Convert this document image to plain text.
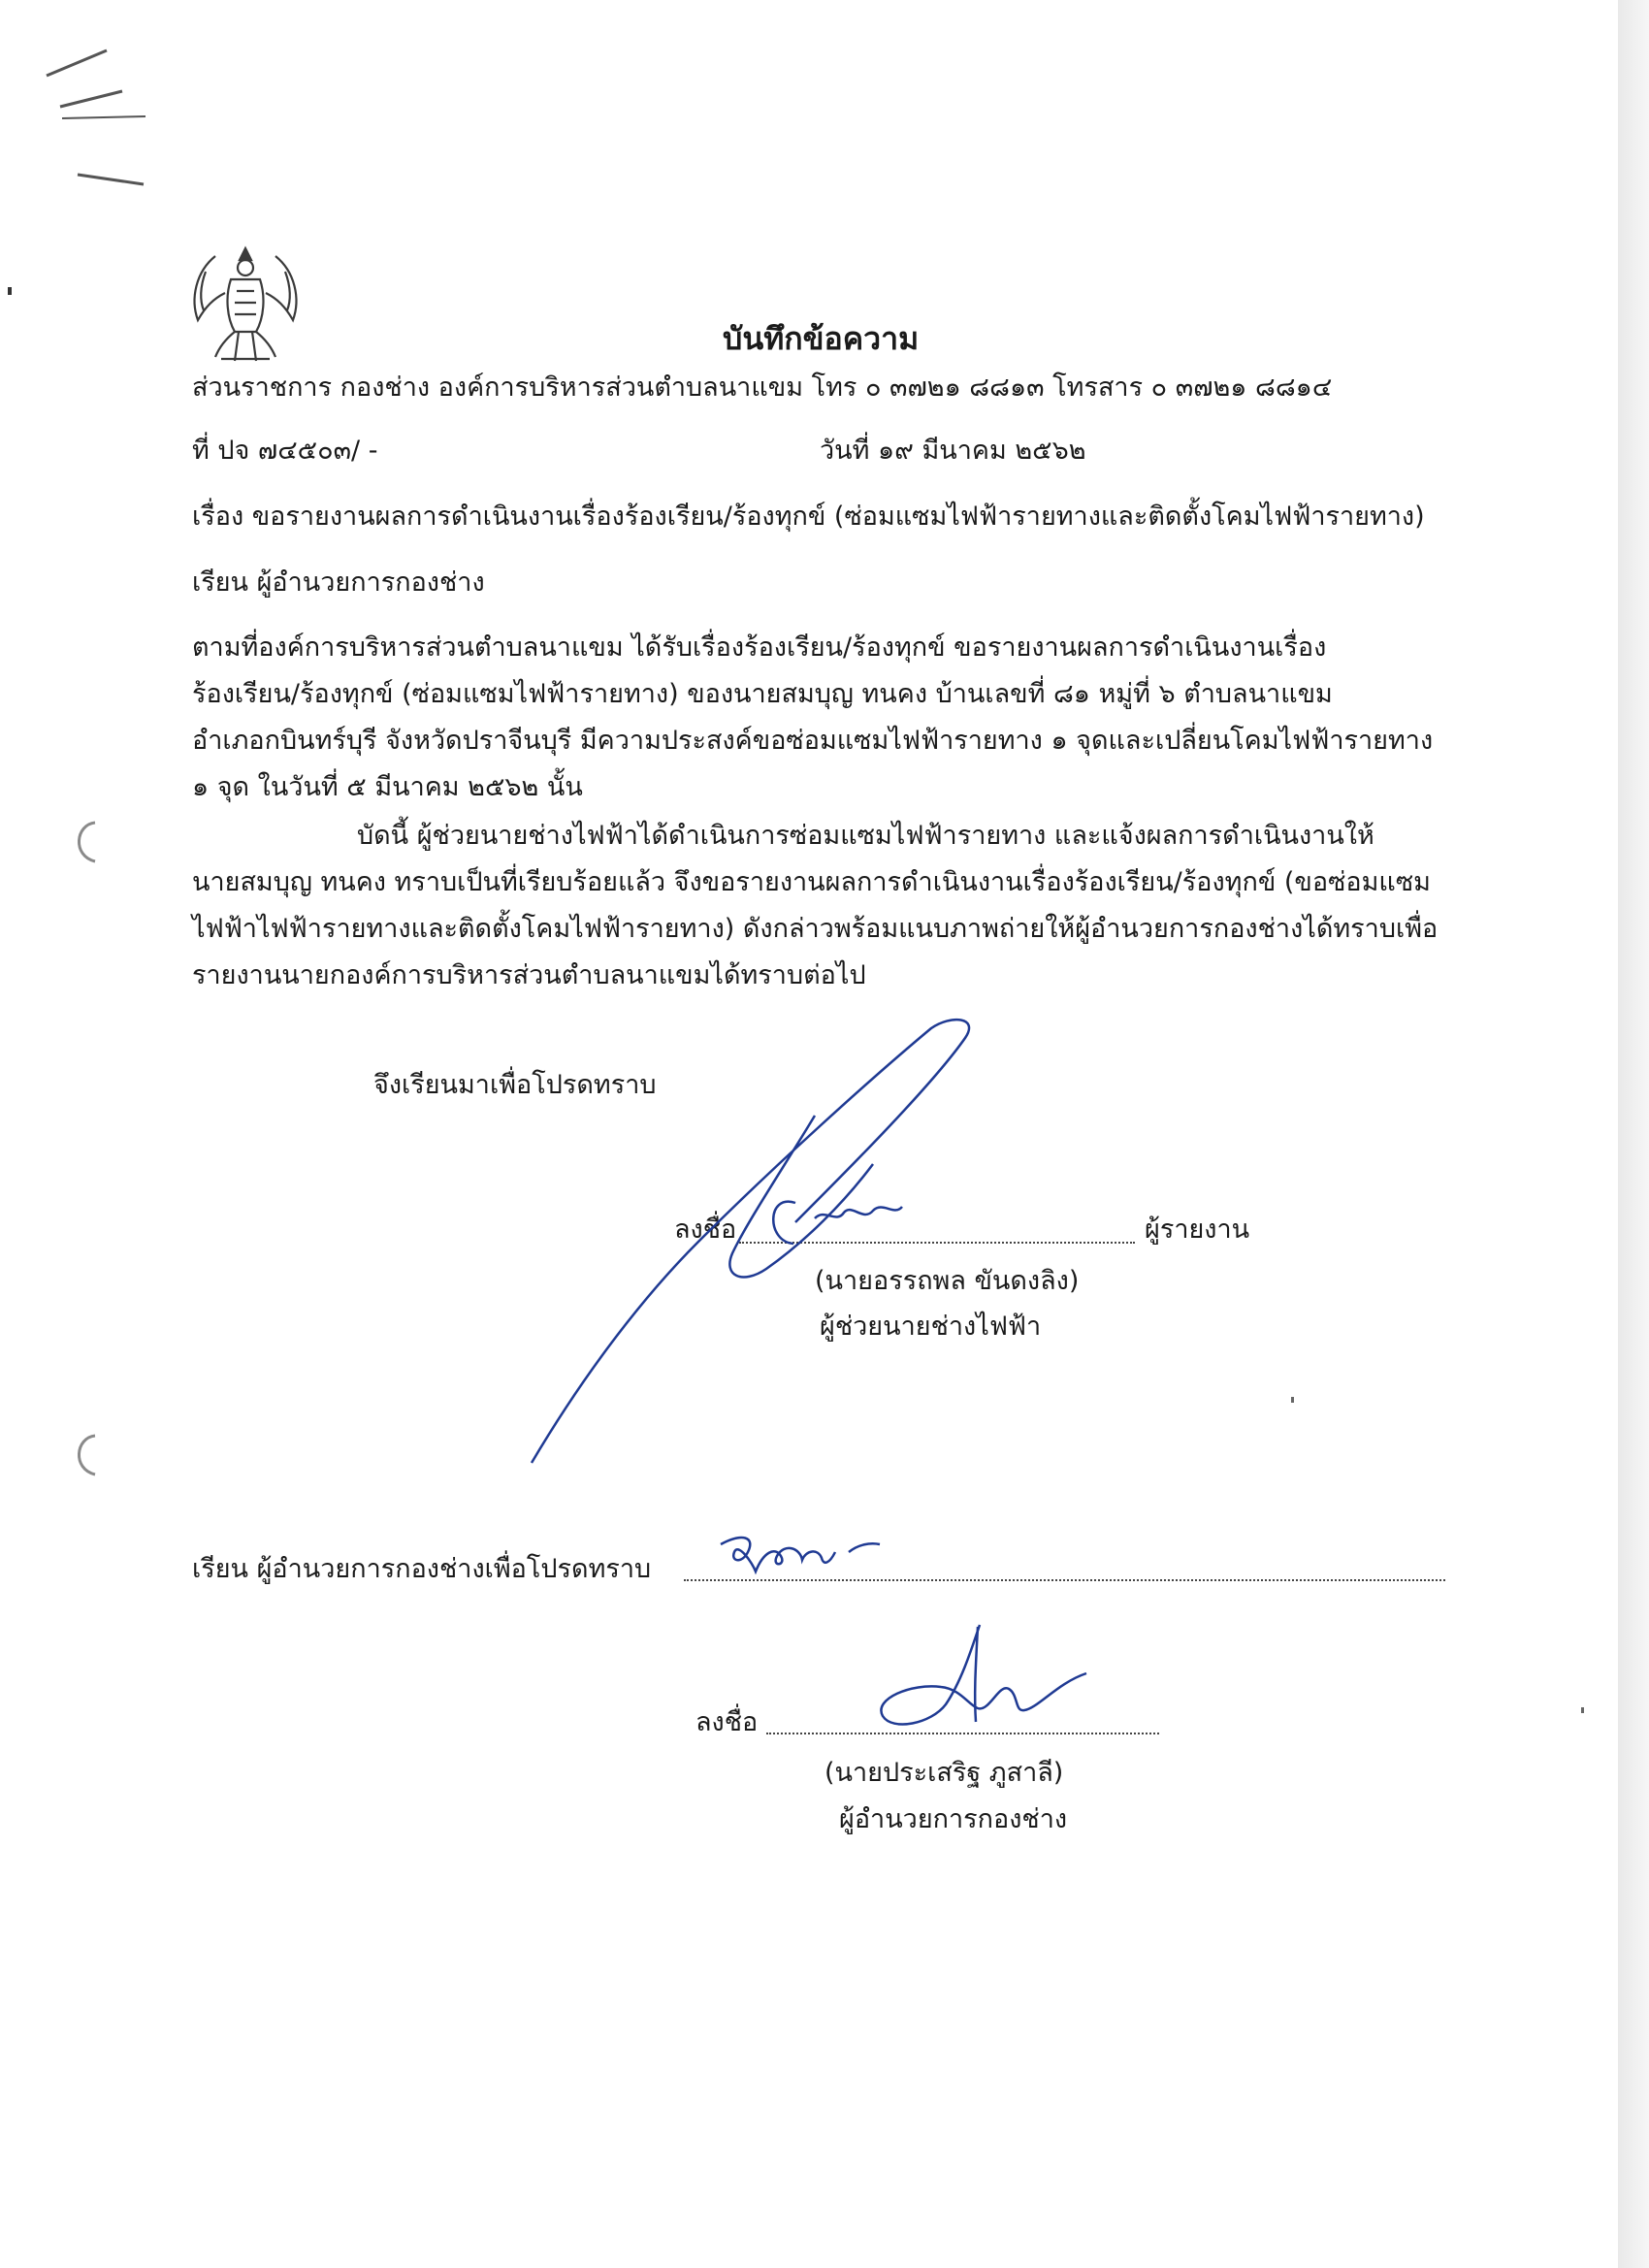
บันทึกข้อความ
ส่วนราชการ กองช่าง องค์การบริหารส่วนตำบลนาแขม โทร ๐ ๓๗๒๑ ๘๘๑๓ โทรสาร ๐ ๓๗๒๑ ๘๘๑๔
ที่ ปจ ๗๔๕๐๓/ -	วันที่ ๑๙ มีนาคม ๒๕๖๒
เรื่อง ขอรายงานผลการดำเนินงานเรื่องร้องเรียน/ร้องทุกข์ (ซ่อมแซมไฟฟ้ารายทางและติดตั้งโคมไฟฟ้ารายทาง)
เรียน ผู้อำนวยการกองช่าง
ตามที่องค์การบริหารส่วนตำบลนาแขม ได้รับเรื่องร้องเรียน/ร้องทุกข์ ขอรายงานผลการดำเนินงานเรื่อง
ร้องเรียน/ร้องทุกข์ (ซ่อมแซมไฟฟ้ารายทาง) ของนายสมบุญ ทนคง บ้านเลขที่ ๘๑ หมู่ที่ ๖ ตำบลนาแขม
อำเภอกบินทร์บุรี จังหวัดปราจีนบุรี มีความประสงค์ขอซ่อมแซมไฟฟ้ารายทาง ๑ จุดและเปลี่ยนโคมไฟฟ้ารายทาง
๑ จุด ในวันที่ ๕ มีนาคม ๒๕๖๒ นั้น
บัดนี้ ผู้ช่วยนายช่างไฟฟ้าได้ดำเนินการซ่อมแซมไฟฟ้ารายทาง และแจ้งผลการดำเนินงานให้
นายสมบุญ ทนคง ทราบเป็นที่เรียบร้อยแล้ว จึงขอรายงานผลการดำเนินงานเรื่องร้องเรียน/ร้องทุกข์ (ขอซ่อมแซม
ไฟฟ้าไฟฟ้ารายทางและติดตั้งโคมไฟฟ้ารายทาง) ดังกล่าวพร้อมแนบภาพถ่ายให้ผู้อำนวยการกองช่างได้ทราบเพื่อ
รายงานนายกองค์การบริหารส่วนตำบลนาแขมได้ทราบต่อไป
จึงเรียนมาเพื่อโปรดทราบ
ลงชื่อ	ผู้รายงาน
(นายอรรถพล ขันดงลิง)
ผู้ช่วยนายช่างไฟฟ้า
เรียน ผู้อำนวยการกองช่างเพื่อโปรดทราบ
ลงชื่อ
(นายประเสริฐ ภูสาลี)
ผู้อำนวยการกองช่าง
